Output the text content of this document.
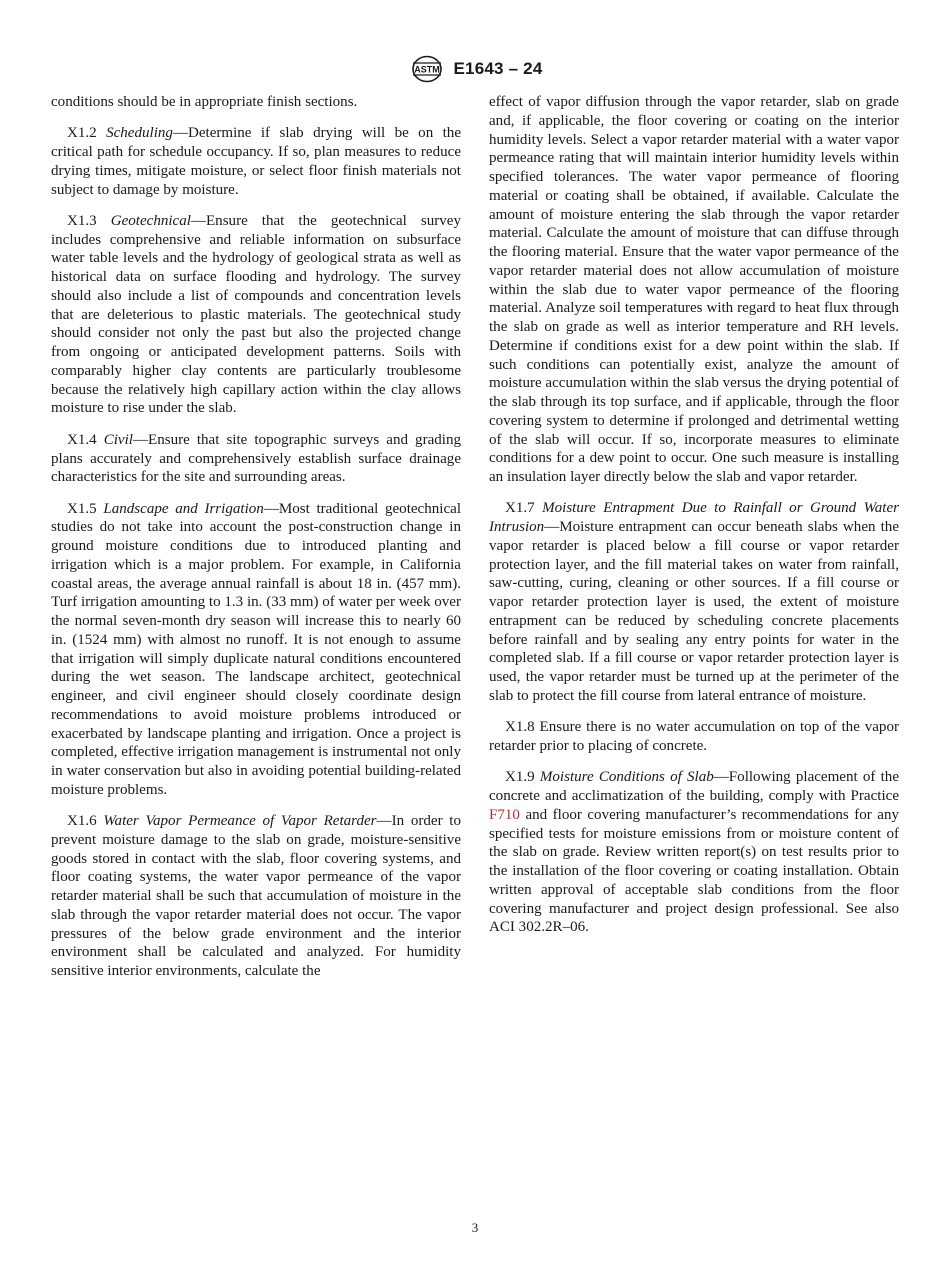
ASTM E1643 – 24

conditions should be in appropriate finish sections.

X1.2 Scheduling—Determine if slab drying will be on the critical path for schedule occupancy. If so, plan measures to reduce drying times, mitigate moisture, or select floor finish materials not subject to damage by moisture.

X1.3 Geotechnical—Ensure that the geotechnical survey includes comprehensive and reliable information on subsurface water table levels and the hydrology of geological strata as well as historical data on surface flooding and hydrology. The survey should also include a list of compounds and concentration levels that are deleterious to plastic materials. The geotechnical study should consider not only the past but also the projected change from ongoing or anticipated development patterns. Soils with comparably higher clay contents are particularly troublesome because the relatively high capillary action within the clay allows moisture to rise under the slab.

X1.4 Civil—Ensure that site topographic surveys and grading plans accurately and comprehensively establish surface drainage characteristics for the site and surrounding areas.

X1.5 Landscape and Irrigation—Most traditional geotechnical studies do not take into account the post-construction change in ground moisture conditions due to introduced planting and irrigation which is a major problem. For example, in California coastal areas, the average annual rainfall is about 18 in. (457 mm). Turf irrigation amounting to 1.3 in. (33 mm) of water per week over the normal seven-month dry season will increase this to nearly 60 in. (1524 mm) with almost no runoff. It is not enough to assume that irrigation will simply duplicate natural conditions encountered during the wet season. The landscape architect, geotechnical engineer, and civil engineer should closely coordinate design recommendations to avoid moisture problems introduced or exacerbated by landscape planting and irrigation. Once a project is completed, effective irrigation management is instrumental not only in water conservation but also in avoiding potential building-related moisture problems.

X1.6 Water Vapor Permeance of Vapor Retarder—In order to prevent moisture damage to the slab on grade, moisture-sensitive goods stored in contact with the slab, floor covering systems, and floor coating systems, the water vapor permeance of the vapor retarder material shall be such that accumulation of moisture in the slab through the vapor retarder material does not occur. The vapor pressures of the below grade environment and the interior environment shall be calculated and analyzed. For humidity sensitive interior environments, calculate the

effect of vapor diffusion through the vapor retarder, slab on grade and, if applicable, the floor covering or coating on the interior humidity levels. Select a vapor retarder material with a water vapor permeance rating that will maintain interior humidity levels within specified tolerances. The water vapor permeance of flooring material or coating shall be obtained, if available. Calculate the amount of moisture entering the slab through the vapor retarder material. Calculate the amount of moisture that can diffuse through the flooring material. Ensure that the water vapor permeance of the vapor retarder material does not allow accumulation of moisture within the slab due to water vapor permeance of the flooring material. Analyze soil temperatures with regard to heat flux through the slab on grade as well as interior temperature and RH levels. Determine if conditions exist for a dew point within the slab. If such conditions can potentially exist, analyze the amount of moisture accumulation within the slab versus the drying potential of the slab through its top surface, and if applicable, through the floor covering system to determine if prolonged and detrimental wetting of the slab will occur. If so, incorporate measures to eliminate conditions for a dew point to occur. One such measure is installing an insulation layer directly below the slab and vapor retarder.

X1.7 Moisture Entrapment Due to Rainfall or Ground Water Intrusion—Moisture entrapment can occur beneath slabs when the vapor retarder is placed below a fill course or vapor retarder protection layer, and the fill material takes on water from rainfall, saw-cutting, curing, cleaning or other sources. If a fill course or vapor retarder protection layer is used, the extent of moisture entrapment can be reduced by scheduling concrete placements before rainfall and by sealing any entry points for water in the completed slab. If a fill course or vapor retarder protection layer is used, the vapor retarder must be turned up at the perimeter of the slab to protect the fill course from lateral entrance of moisture.

X1.8 Ensure there is no water accumulation on top of the vapor retarder prior to placing of concrete.

X1.9 Moisture Conditions of Slab—Following placement of the concrete and acclimatization of the building, comply with Practice F710 and floor covering manufacturer’s recommendations for any specified tests for moisture emissions from or moisture content of the slab on grade. Review written report(s) on test results prior to the installation of the floor covering or coating installation. Obtain written approval of acceptable slab conditions from the floor covering manufacturer and project design professional. See also ACI 302.2R–06.

3
